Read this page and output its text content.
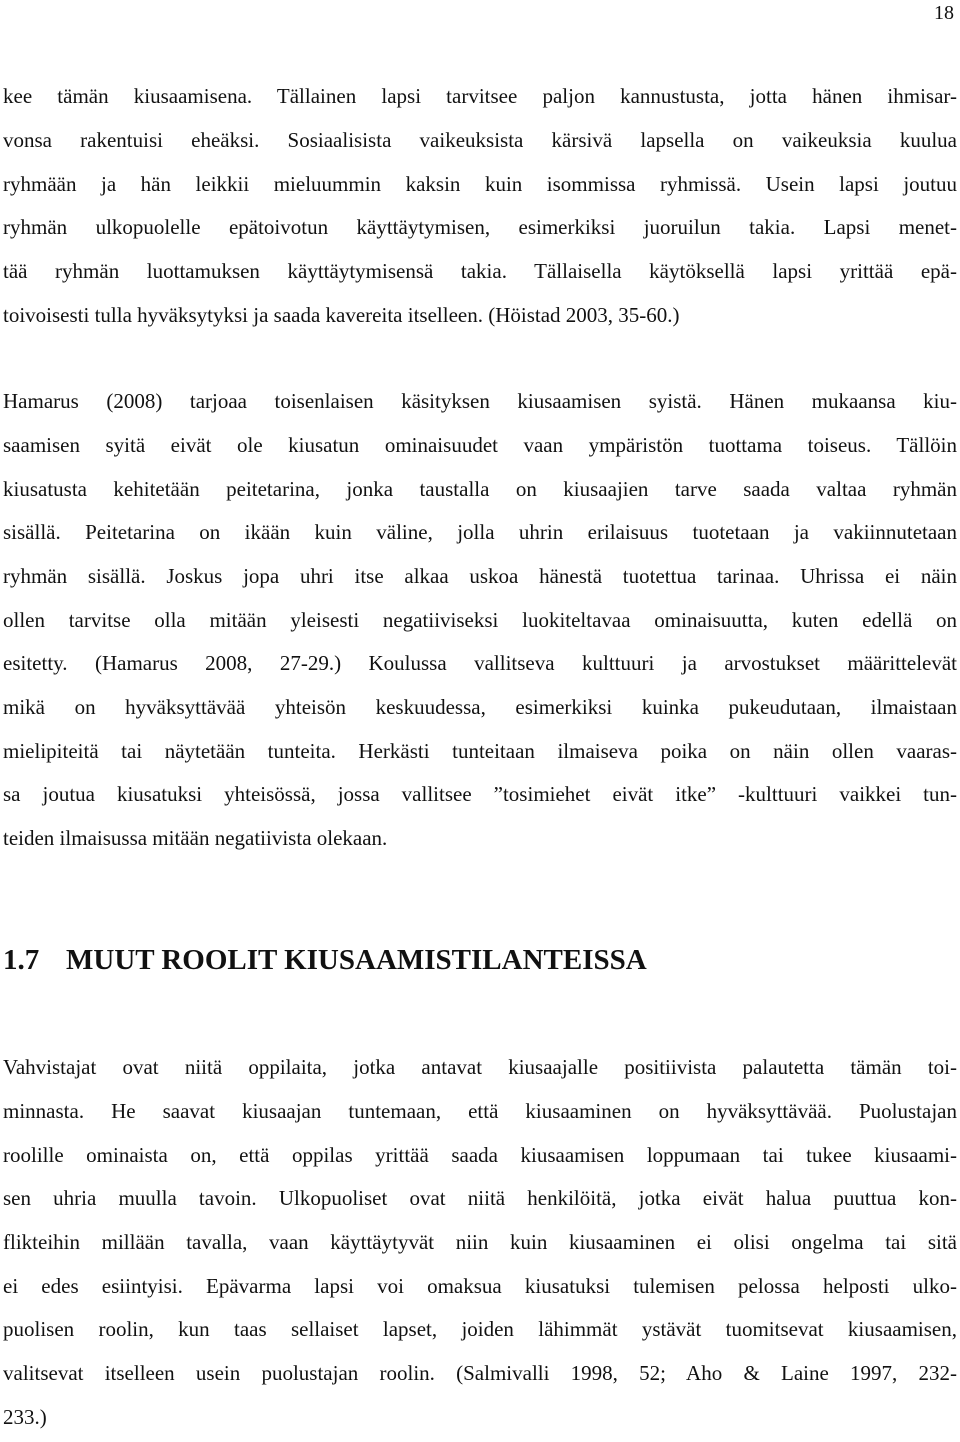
18
kee tämän kiusaamisena. Tällainen lapsi tarvitsee paljon kannustusta, jotta hänen ihmisar-
vonsa rakentuisi eheäksi. Sosiaalisista vaikeuksista kärsivä lapsella on vaikeuksia kuulua
ryhmään ja hän leikkii mieluummin kaksin kuin isommissa ryhmissä. Usein lapsi joutuu
ryhmän ulkopuolelle epätoivotun käyttäytymisen, esimerkiksi juoruilun takia. Lapsi menet-
tää ryhmän luottamuksen käyttäytymisensä takia. Tällaisella käytöksellä lapsi yrittää epä-
toivoisesti tulla hyväksytyksi ja saada kavereita itselleen. (Höistad 2003, 35-60.)
Hamarus (2008) tarjoaa toisenlaisen käsityksen kiusaamisen syistä. Hänen mukaansa kiu-
saamisen syitä eivät ole kiusatun ominaisuudet vaan ympäristön tuottama toiseus. Tällöin
kiusatusta kehitetään peitetarina, jonka taustalla on kiusaajien tarve saada valtaa ryhmän
sisällä. Peitetarina on ikään kuin väline, jolla uhrin erilaisuus tuotetaan ja vakiinnutetaan
ryhmän sisällä. Joskus jopa uhri itse alkaa uskoa hänestä tuotettua tarinaa. Uhrissa ei näin
ollen tarvitse olla mitään yleisesti negatiiviseksi luokiteltavaa ominaisuutta, kuten edellä on
esitetty. (Hamarus 2008, 27-29.) Koulussa vallitseva kulttuuri ja arvostukset määrittelevät
mikä on hyväksyttävää yhteisön keskuudessa, esimerkiksi kuinka pukeudutaan, ilmaistaan
mielipiteitä tai näytetään tunteita. Herkästi tunteitaan ilmaiseva poika on näin ollen vaaras-
sa joutua kiusatuksi yhteisössä, jossa vallitsee ”tosimiehet eivät itke” -kulttuuri vaikkei tun-
teiden ilmaisussa mitään negatiivista olekaan.
1.7 MUUT ROOLIT KIUSAAMISTILANTEISSA
Vahvistajat ovat niitä oppilaita, jotka antavat kiusaajalle positiivista palautetta tämän toi-
minnasta. He saavat kiusaajan tuntemaan, että kiusaaminen on hyväksyttävää. Puolustajan
roolille ominaista on, että oppilas yrittää saada kiusaamisen loppumaan tai tukee kiusaami-
sen uhria muulla tavoin. Ulkopuoliset ovat niitä henkilöitä, jotka eivät halua puuttua kon-
flikteihin millään tavalla, vaan käyttäytyvät niin kuin kiusaaminen ei olisi ongelma tai sitä
ei edes esiintyisi. Epävarma lapsi voi omaksua kiusatuksi tulemisen pelossa helposti ulko-
puolisen roolin, kun taas sellaiset lapset, joiden lähimmät ystävät tuomitsevat kiusaamisen,
valitsevat itselleen usein puolustajan roolin. (Salmivalli 1998, 52; Aho & Laine 1997, 232-
233.)
